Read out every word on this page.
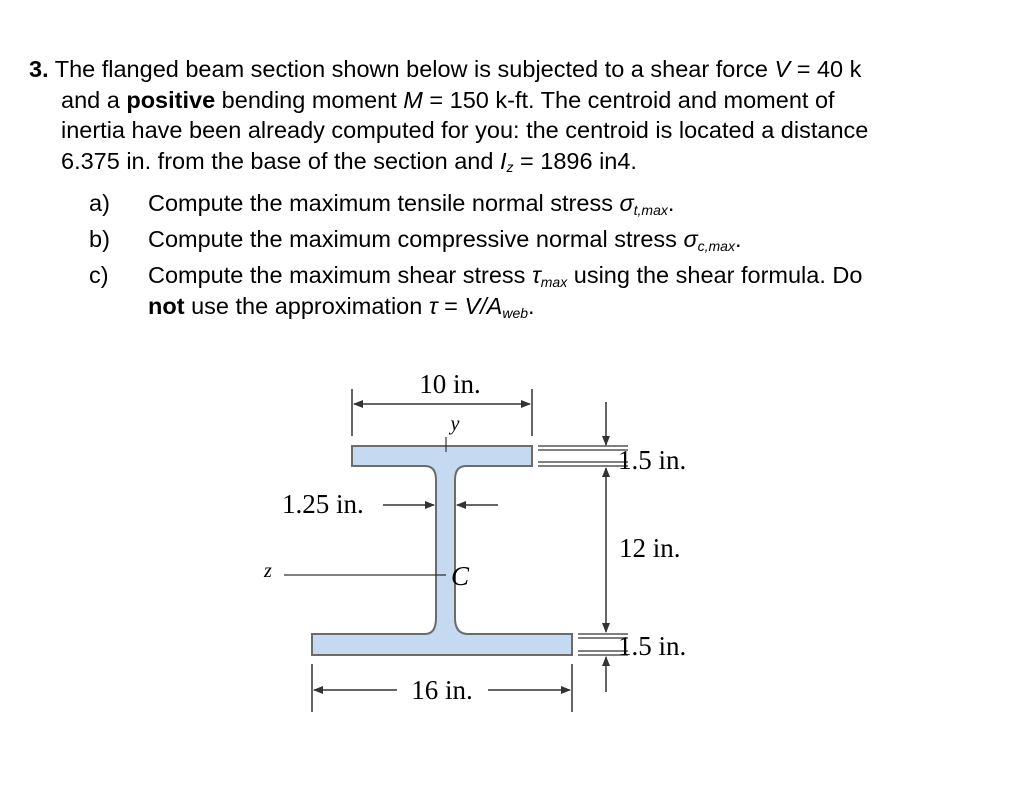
3. The flanged beam section shown below is subjected to a shear force V = 40 k
and a positive bending moment M = 150 k-ft. The centroid and moment of
inertia have been already computed for you: the centroid is located a distance
6.375 in. from the base of the section and $I_z = 1896$ in4.
a) Compute the maximum tensile normal stress σt,max.
b) Compute the maximum compressive normal stress σc,max.
c) Compute the maximum shear stress τmax using the shear formula. Do
not use the approximation τ = V/Aweb.
10 in.
y
1.5 in.
12 in.
1.25 in.
z	C
1.5 in.
16 in.
